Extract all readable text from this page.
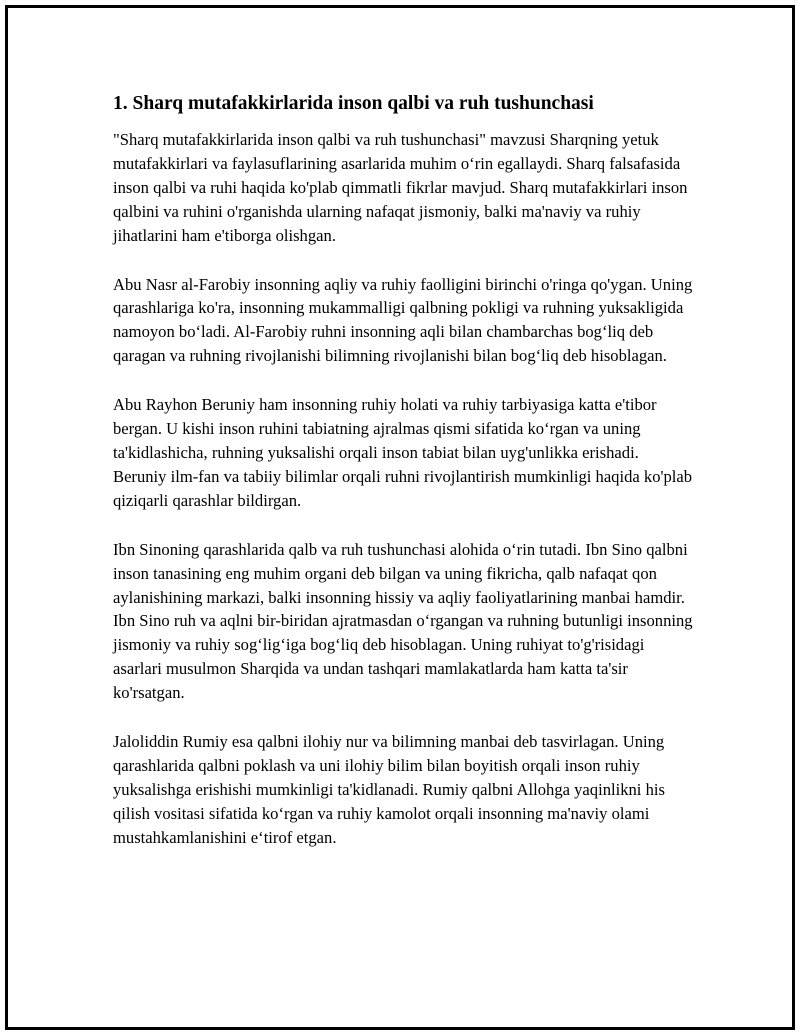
1. Sharq mutafakkirlarida inson qalbi va ruh tushunchasi

"Sharq mutafakkirlarida inson qalbi va ruh tushunchasi" mavzusi Sharqning yetuk mutafakkirlari va faylasuflarining asarlarida muhim o‘rin egallaydi. Sharq falsafasida inson qalbi va ruhi haqida ko'plab qimmatli fikrlar mavjud. Sharq mutafakkirlari inson qalbini va ruhini o'rganishda ularning nafaqat jismoniy, balki ma'naviy va ruhiy jihatlarini ham e'tiborga olishgan.

Abu Nasr al-Farobiy insonning aqliy va ruhiy faolligini birinchi o'ringa qo'ygan. Uning qarashlariga ko'ra, insonning mukammalligi qalbning pokligi va ruhning yuksakligida namoyon bo‘ladi. Al-Farobiy ruhni insonning aqli bilan chambarchas bog‘liq deb qaragan va ruhning rivojlanishi bilimning rivojlanishi bilan bog‘liq deb hisoblagan.

Abu Rayhon Beruniy ham insonning ruhiy holati va ruhiy tarbiyasiga katta e'tibor bergan. U kishi inson ruhini tabiatning ajralmas qismi sifatida ko‘rgan va uning ta'kidlashicha, ruhning yuksalishi orqali inson tabiat bilan uyg'unlikka erishadi. Beruniy ilm-fan va tabiiy bilimlar orqali ruhni rivojlantirish mumkinligi haqida ko'plab qiziqarli qarashlar bildirgan.

Ibn Sinoning qarashlarida qalb va ruh tushunchasi alohida o‘rin tutadi. Ibn Sino qalbni inson tanasining eng muhim organi deb bilgan va uning fikricha, qalb nafaqat qon aylanishining markazi, balki insonning hissiy va aqliy faoliyatlarining manbai hamdir. Ibn Sino ruh va aqlni bir-biridan ajratmasdan o‘rgangan va ruhning butunligi insonning jismoniy va ruhiy sog‘lig‘iga bog‘liq deb hisoblagan. Uning ruhiyat to'g'risidagi asarlari musulmon Sharqida va undan tashqari mamlakatlarda ham katta ta'sir ko'rsatgan.

Jaloliddin Rumiy esa qalbni ilohiy nur va bilimning manbai deb tasvirlagan. Uning qarashlarida qalbni poklash va uni ilohiy bilim bilan boyitish orqali inson ruhiy yuksalishga erishishi mumkinligi ta'kidlanadi. Rumiy qalbni Allohga yaqinlikni his qilish vositasi sifatida ko‘rgan va ruhiy kamolot orqali insonning ma'naviy olami mustahkamlanishini e‘tirof etgan.
